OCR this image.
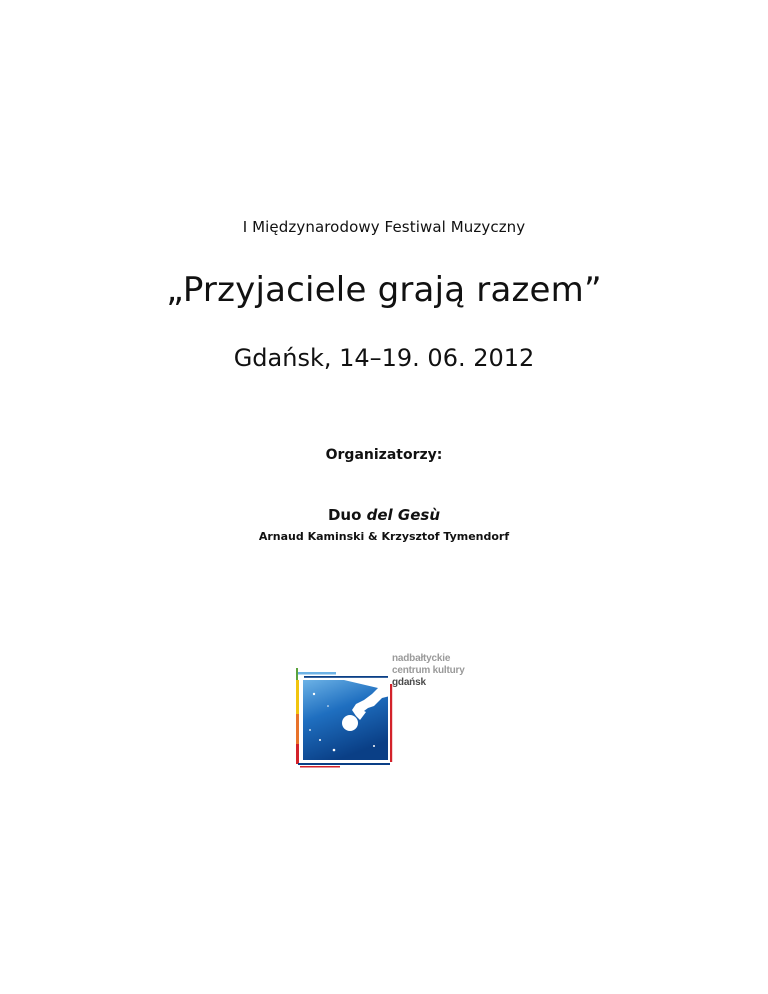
I Międzynarodowy Festiwal Muzyczny
„Przyjaciele grają razem”
Gdańsk, 14–19. 06. 2012
Organizatorzy:
Duo del Gesù
Arnaud Kaminski & Krzysztof Tymendorf
nadbałtyckie
centrum kultury
gdańsk
